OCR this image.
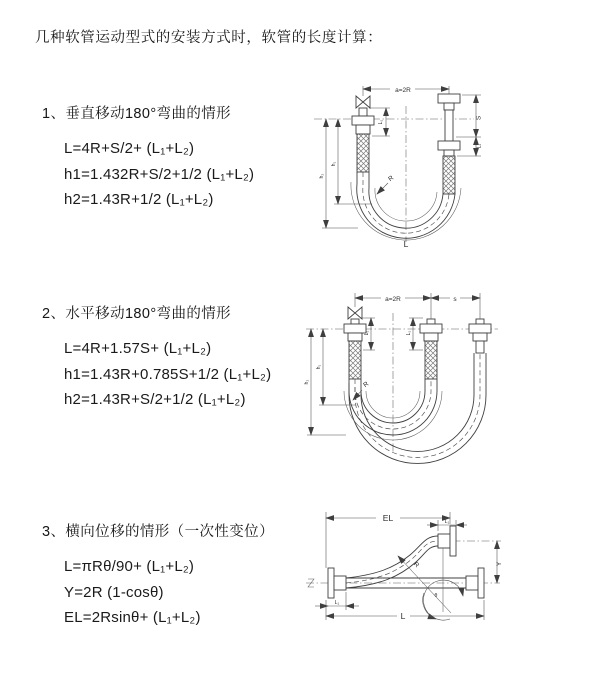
几种软管运动型式的安装方式时，软管的长度计算：
1、垂直移动180°弯曲的情形
L=4R+S/2+ (L₁+L₂)
h1=1.432R+S/2+1/2 (L₁+L₂)
h2=1.43R+1/2 (L₁+L₂)
2、水平移动180°弯曲的情形
L=4R+1.57S+ (L₁+L₂)
h1=1.43R+0.785S+1/2 (L₁+L₂)
h2=1.43R+S/2+1/2 (L₁+L₂)
3、横向位移的情形（一次性变位）
L=πRθ/90+ (L₁+L₂)
Y=2R (1-cosθ)
EL=2Rsinθ+ (L₁+L₂)
a=2R
h₁
h₂
L₁
S
L₁
R
L
a=2R	s
h₁
h₂
L₁	L₁
R
θ
R
EL	L₁
Y
L
L₁
